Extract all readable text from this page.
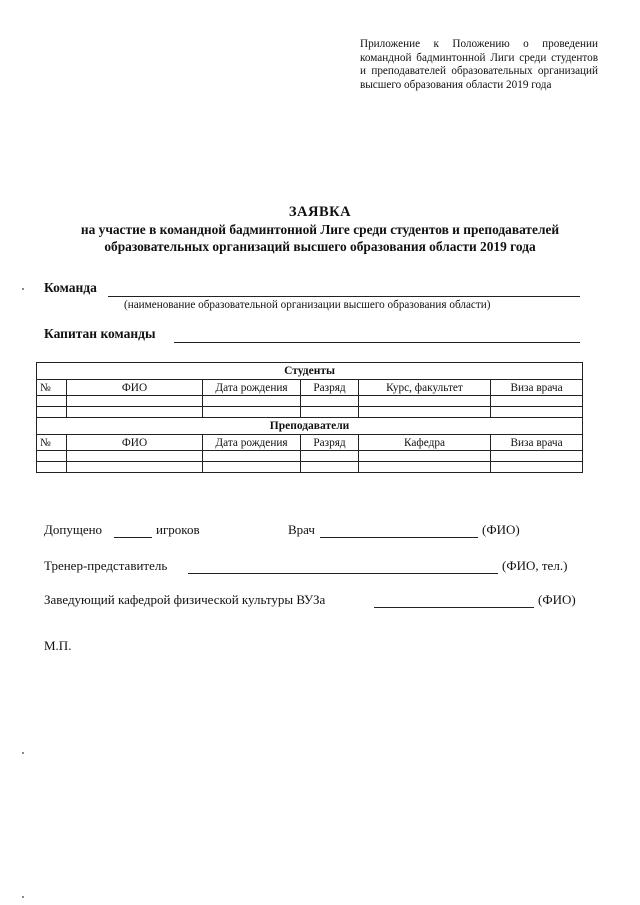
Приложение к Положению о проведении командной бадминтонной Лиги среди студентов и преподавателей образовательных организаций высшего образования области 2019 года
ЗАЯВКА
на участие в командной бадминтониой Лиге среди студентов и преподавателей
образовательных организаций высшего образования области 2019 года
Команда
(наименование образовательной организации высшего образования области)
Капитан команды
Студенты					
№	ФИО	Дата рождения	Разряд	Курс, факультет	Виза врача

Преподаватели					
№	ФИО	Дата рождения	Разряд	Кафедра	Виза врача

Допущено	игроков	Врач	(ФИО)
Тренер-представитель	(ФИО, тел.)
Заведующий кафедрой физической культуры ВУЗа	(ФИО)
М.П.
